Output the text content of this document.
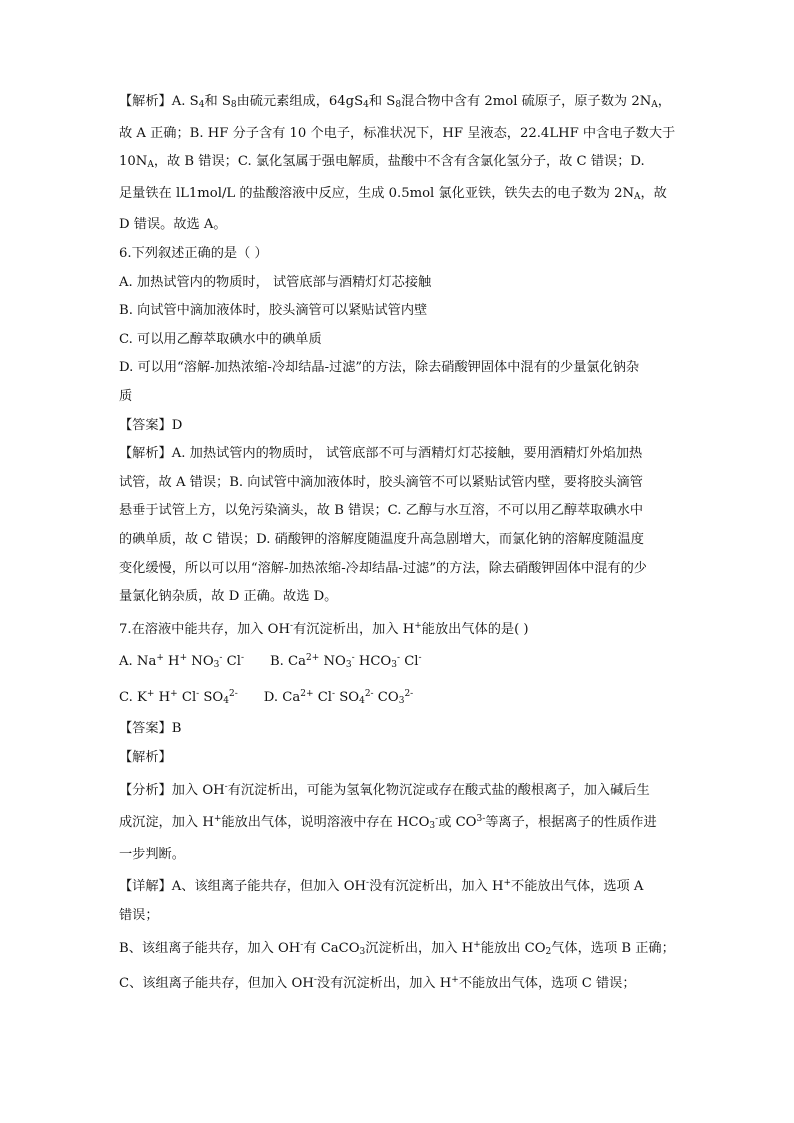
【解析】A. $S_4$和 $S_8$由硫元素组成，$64gS_4$和 $S_8$混合物中含有 2mol 硫原子，原子数为 $2N_A$，
故 A 正确；B. HF 分子含有 10 个电子，标准状况下，HF 呈液态，22.4LHF 中含电子数大于
$10N_A$，故 B 错误；C. 氯化氢属于强电解质，盐酸中不含有含氯化氢分子，故 C 错误；D.
足量铁在 lL1mol/L 的盐酸溶液中反应，生成 0.5mol 氯化亚铁，铁失去的电子数为 $2N_A$，故
D 错误。故选 A。
6.下列叙述正确的是（ ）
A. 加热试管内的物质时， 试管底部与酒精灯灯芯接触
B. 向试管中滴加液体时，胶头滴管可以紧贴试管内壁
C. 可以用乙醇萃取碘水中的碘单质
D. 可以用“溶解-加热浓缩-冷却结晶-过滤”的方法，除去硝酸钾固体中混有的少量氯化钠杂
质
【答案】D
【解析】A. 加热试管内的物质时， 试管底部不可与酒精灯灯芯接触，要用酒精灯外焰加热
试管，故 A 错误；B. 向试管中滴加液体时，胶头滴管不可以紧贴试管内壁，要将胶头滴管
悬垂于试管上方，以免污染滴头，故 B 错误；C. 乙醇与水互溶，不可以用乙醇萃取碘水中
的碘单质，故 C 错误；D. 硝酸钾的溶解度随温度升高急剧增大，而氯化钠的溶解度随温度
变化缓慢，所以可以用“溶解-加热浓缩-冷却结晶-过滤”的方法，除去硝酸钾固体中混有的少
量氯化钠杂质，故 D 正确。故选 D。
7.在溶液中能共存，加入 OH-有沉淀析出，加入 H+能放出气体的是( )
A. Na+ H+ $NO_3^-$ Cl- B. $Ca^{2+}$ $NO_3^-$ $HCO_3^-$ Cl-
C. K+ H+ Cl- $SO_4^{2-}$ D. $Ca^{2+}$ Cl- $SO_4^{2-}$ $CO_3^{2-}$
【答案】B
【解析】
【分析】加入 OH-有沉淀析出，可能为氢氧化物沉淀或存在酸式盐的酸根离子，加入碱后生
成沉淀，加入 H+能放出气体，说明溶液中存在 $HCO_3^-$或 $CO^{3-}$等离子，根据离子的性质作进
一步判断。
【详解】A、该组离子能共存，但加入 OH-没有沉淀析出，加入 H+不能放出气体，选项 A
错误；
B、该组离子能共存，加入 OH-有 CaCO$_3$沉淀析出，加入 H+能放出 $CO_2$气体，选项 B 正确；
C、该组离子能共存，但加入 OH-没有沉淀析出，加入 H+不能放出气体，选项 C 错误；
